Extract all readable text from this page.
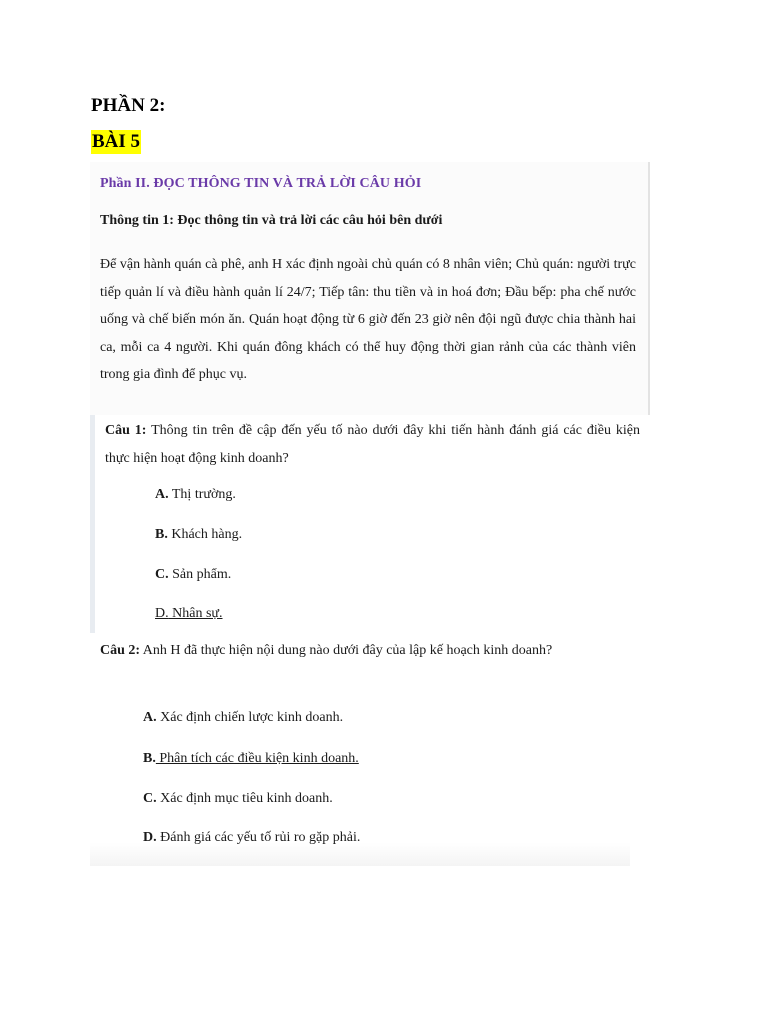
PHẦN 2:
BÀI 5
Phần II. ĐỌC THÔNG TIN VÀ TRẢ LỜI CÂU HỎI
Thông tin 1: Đọc thông tin và trả lời các câu hỏi bên dưới
Để vận hành quán cà phê, anh H xác định ngoài chủ quán có 8 nhân viên; Chủ quán: người trực tiếp quản lí và điều hành quản lí 24/7; Tiếp tân: thu tiền và in hoá đơn; Đầu bếp: pha chế nước uống và chế biến món ăn. Quán hoạt động từ 6 giờ đến 23 giờ nên đội ngũ được chia thành hai ca, mỗi ca 4 người. Khi quán đông khách có thể huy động thời gian rảnh của các thành viên trong gia đình để phục vụ.
Câu 1: Thông tin trên đề cập đến yếu tố nào dưới đây khi tiến hành đánh giá các điều kiện thực hiện hoạt động kinh doanh?
A. Thị trường.
B. Khách hàng.
C. Sản phẩm.
D. Nhân sự.
Câu 2: Anh H đã thực hiện nội dung nào dưới đây của lập kế hoạch kinh doanh?
A. Xác định chiến lược kinh doanh.
B. Phân tích các điều kiện kinh doanh.
C. Xác định mục tiêu kinh doanh.
D. Đánh giá các yếu tố rủi ro gặp phải.
